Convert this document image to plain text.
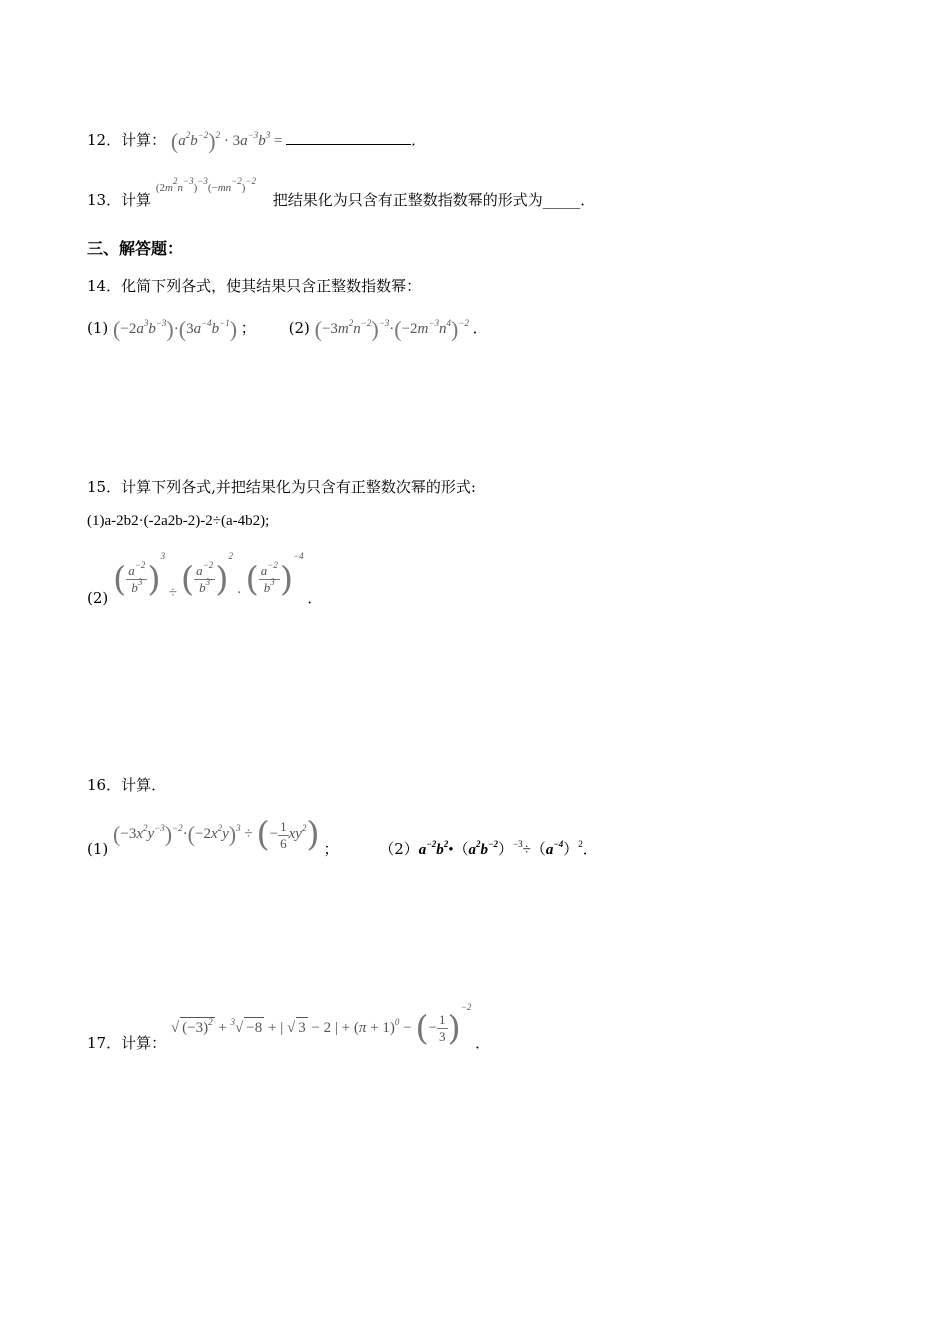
12．计算： $(a^2b^{-2})^2 \cdot 3a^{-3}b^3$ =	．
13．计算 $^{(2m^2n^{-3})^{-3}(-mn^{-2})^{-2}}$ 把结果化为只含有正整数指数幂的形式为_____．
三、解答题：
14．化简下列各式，使其结果只含正整数指数幂：
(1) $(-2a^3b^{-3})\cdot(3a^{-4}b^{-1})$ ； (2) $(-3m^2n^{-2})^{-3}\cdot(-2m^{-3}n^4)^{-2}$ ．
15．计算下列各式,并把结果化为只含有正整数次幂的形式:
(1)a-2b2·(-2a2b-2)-2÷(a-4b2);
(2) ( $\frac{a^{-2}}{b^3} )^3$ ÷ ( $\frac{a^{-2}}{b^3} )^2$ · ( $\frac{a^{-2}}{b^3} )^{-4}$ ．
16．计算．
(1) $(-3x^2y^{-3})^{-2}\cdot(-2x^2y)^3$ ÷ (− $\frac{1}{6} xy^2$) ；	$(2)a^{-2}b^2•(a^2b^{-2})^{-3}\div(a^{-4})^2$．
17．计算： √ $(-3)^2 + ^3√ -8$ + | √ 3 − 2 | + $(\pi + 1)^0$ − (− $\frac{1}{3} )^{-2}$ ．
